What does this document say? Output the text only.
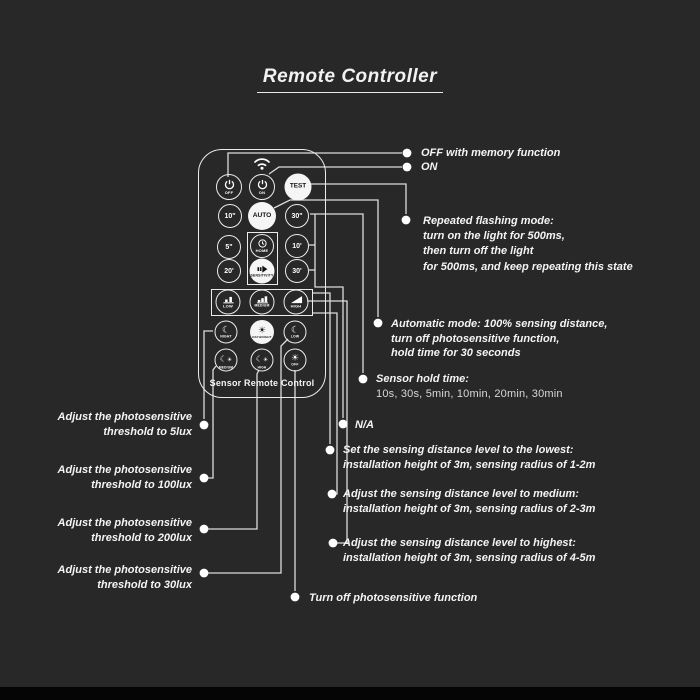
Remote Controller
OFF	ON
TEST
10"	AUTO	30"
5"	HOME
10'
20'
SENSITIVITY
30'
LOW	MEDIUM	HIGH
☾
NIGHT
☀
DAY&NIGHT
☾
LOW
☾☀
MEDIUM
☾☀
HIGH
☀
OFF
Sensor Remote Control
OFF with memory function
ON
Repeated flashing mode:
turn on the light for 500ms,
then turn off the light
for 500ms, and keep repeating this state
Automatic mode: 100% sensing distance,
turn off photosensitive function,
hold time for 30 seconds
Sensor hold time:
10s, 30s, 5min, 10min, 20min, 30min
N/A
Set the sensing distance level to the lowest:
installation height of 3m, sensing radius of 1-2m
Adjust the sensing distance level to medium:
installation height of 3m, sensing radius of 2-3m
Adjust the sensing distance level to highest:
installation height of 3m, sensing radius of 4-5m
Turn off photosensitive function
Adjust the photosensitive
threshold to 5lux
Adjust the photosensitive
threshold to 100lux
Adjust the photosensitive
threshold to 200lux
Adjust the photosensitive
threshold to 30lux
